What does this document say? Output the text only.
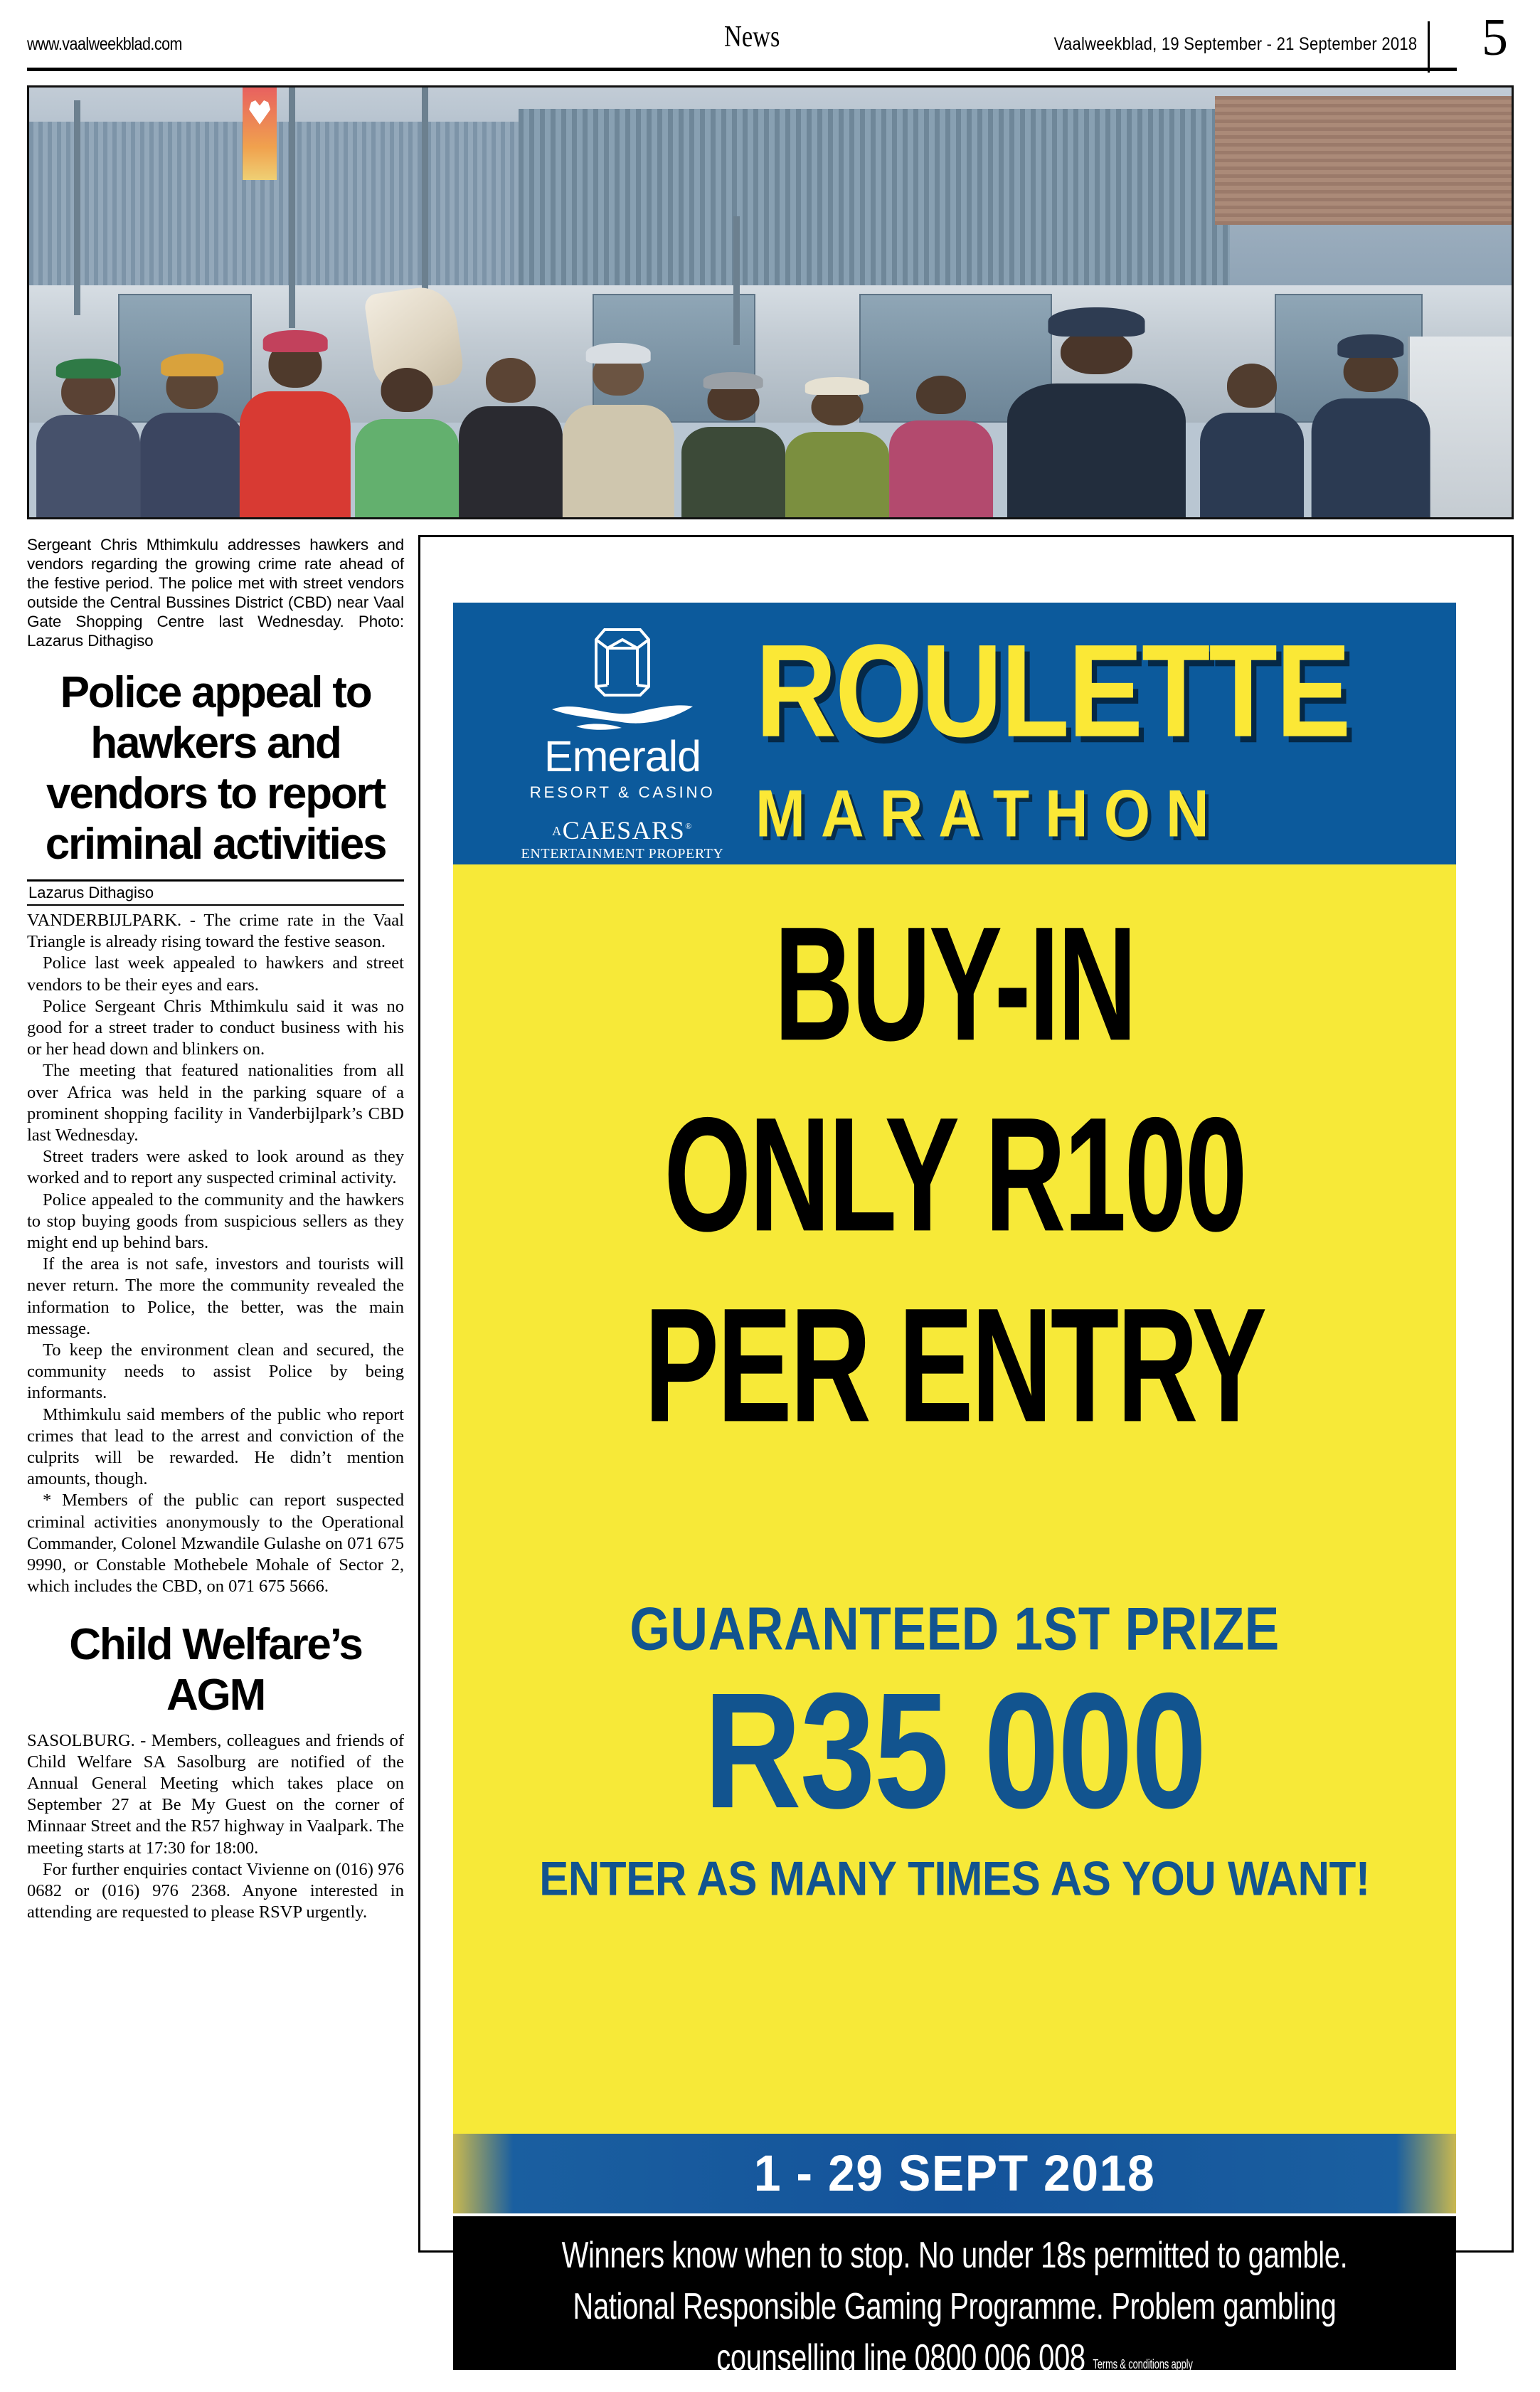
www.vaalweekblad.com	News	Vaalweekblad, 19 September - 21 September 2018 5
Sergeant Chris Mthimkulu addresses hawkers and vendors regarding the growing crime rate ahead of the festive period. The police met with street vendors outside the Central Bussines District (CBD) near Vaal Gate Shopping Centre last Wednesday. Photo: Lazarus Dithagiso
Police appeal to hawkers and vendors to report criminal activities
Lazarus Dithagiso

VANDERBIJLPARK. - The crime rate in the Vaal Triangle is already rising toward the festive season.

Police last week appealed to hawkers and street vendors to be their eyes and ears.

Police Sergeant Chris Mthimkulu said it was no good for a street trader to conduct business with his or her head down and blinkers on.

The meeting that featured nationalities from all over Africa was held in the parking square of a prominent shopping facility in Vanderbijlpark’s CBD last Wednesday.

Street traders were asked to look around as they worked and to report any suspected criminal activity.

Police appealed to the community and the hawkers to stop buying goods from suspicious sellers as they might end up behind bars.

If the area is not safe, investors and tourists will never return. The more the community revealed the information to Police, the better, was the main message.

To keep the environment clean and secured, the community needs to assist Police by being informants.

Mthimkulu said members of the public who report crimes that lead to the arrest and conviction of the culprits will be rewarded. He didn’t mention amounts, though.

* Members of the public can report suspected criminal activities anonymously to the Operational Commander, Colonel Mzwandile Gulashe on 071 675 9990, or Constable Mothebele Mohale of Sector 2, which includes the CBD, on 071 675 5666.

Child Welfare’s AGM

SASOLBURG. - Members, colleagues and friends of Child Welfare SA Sasolburg are notified of the Annual General Meeting which takes place on September 27 at Be My Guest on the corner of Minnaar Street and the R57 highway in Vaalpark. The meeting starts at 17:30 for 18:00.

For further enquiries contact Vivienne on (016) 976 0682 or (016) 976 2368. Anyone interested in attending are requested to please RSVP urgently.

Emerald
RESORT & CASINO
ACAESARS®
ENTERTAINMENT PROPERTY
ROULETTE
MARATHON
BUY-IN
ONLY R100
PER ENTRY
GUARANTEED 1ST PRIZE
R35 000
ENTER AS MANY TIMES AS YOU WANT!
1 - 29 SEPT 2018
Winners know when to stop. No under 18s permitted to gamble.
National Responsible Gaming Programme. Problem gambling
counselling line 0800 006 008 Terms & conditions apply
